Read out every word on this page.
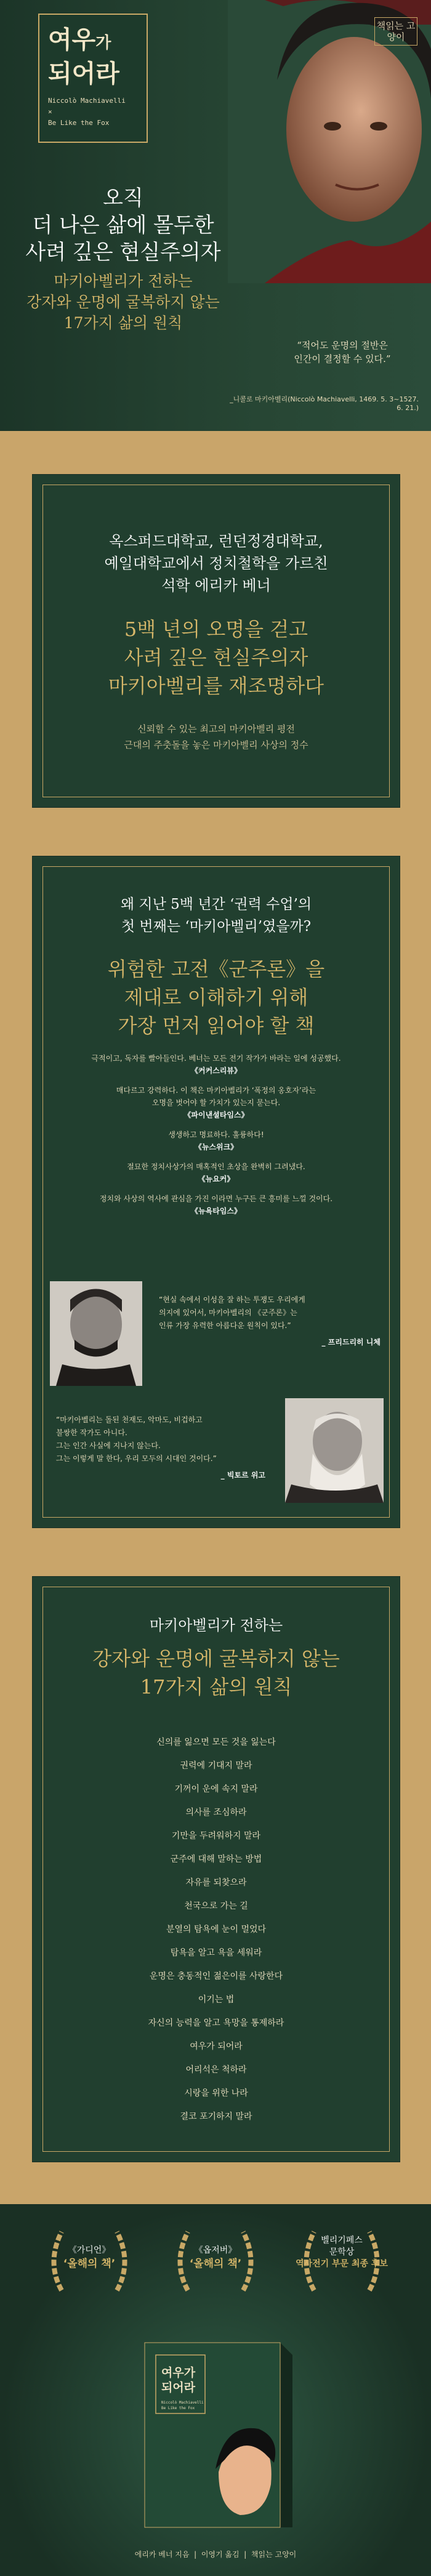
여우가
되어라
Niccolò Machiavelli
×
Be Like the Fox
책읽는 고양이
오직
더 나은 삶에 몰두한
사려 깊은 현실주의자
마키아벨리가 전하는
강자와 운명에 굴복하지 않는
17가지 삶의 원칙
“적어도 운명의 절반은
인간이 결정할 수 있다.”
_니콜로 마키아벨리(Niccolò Machiavelli, 1469. 5. 3~1527. 6. 21.)
옥스퍼드대학교, 런던정경대학교,
예일대학교에서 정치철학을 가르친
석학 에리카 베너
5백 년의 오명을 걷고
사려 깊은 현실주의자
마키아벨리를 재조명하다
신뢰할 수 있는 최고의 마키아벨리 평전
근대의 주춧돌을 놓은 마키아벨리 사상의 정수
왜 지난 5백 년간 ‘권력 수업’의
첫 번째는 ‘마키아벨리’였을까?
위험한 고전《군주론》을
제대로 이해하기 위해
가장 먼저 읽어야 할 책
극적이고, 독자를 빨아들인다. 베너는 모든 전기 작가가 바라는 일에 성공했다.
《커커스리뷰》
매다르고 강력하다. 이 책은 마키아벨리가 ‘폭정의 옹호자’라는
오명을 벗어야 할 가치가 있는지 묻는다.
《파이낸셜타임스》
생생하고 명료하다. 훌륭하다!
《뉴스위크》
절묘한 정치사상가의 매혹적인 초상을 완벽히 그려냈다.
《뉴요커》
정치와 사상의 역사에 관심을 가진 이라면 누구든 큰 흥미를 느낄 것이다.
《뉴욕타임스》
“현실 속에서 이성을 잘 하는 투쟁도 우리에게
의지에 있어서, 마키아벨리의 《군주론》는
인류 가장 유력한 아름다운 원칙이 있다.”
_ 프리드리히 니체
“마키아벨리는 돌된 천재도, 악마도, 비겁하고
불쌍한 작가도 아니다.
그는 인간 사실에 지나지 않는다.
그는 이렇게 말 한다, 우리 모두의 시대인 것이다.”
_ 빅토르 위고
마키아벨리가 전하는
강자와 운명에 굴복하지 않는
17가지 삶의 원칙
신의를 잃으면 모든 것을 잃는다
권력에 기대지 말라
기꺼이 운에 속지 말라
의사를 조심하라
기만을 두려워하지 말라
군주에 대해 말하는 방법
자유를 되찾으라
천국으로 가는 길
분열의 탐욕에 눈이 멀었다
탐욕을 알고 욕을 세워라
운명은 충동적인 젊은이를 사랑한다
이기는 법
자신의 능력을 알고 욕망을 통제하라
여우가 되어라
어리석은 척하라
시랑을 위한 나라
결코 포기하지 말라
《가디언》
‘올해의 책’
《옵저버》
‘올해의 책’
벨리기페스
문학상
역사전기 부문 최종 후보
여우가
되어라
Niccolò Machiavelli
Be Like the Fox
에리카 베너 지음  |  이영기 옮김  |  책읽는 고양이
